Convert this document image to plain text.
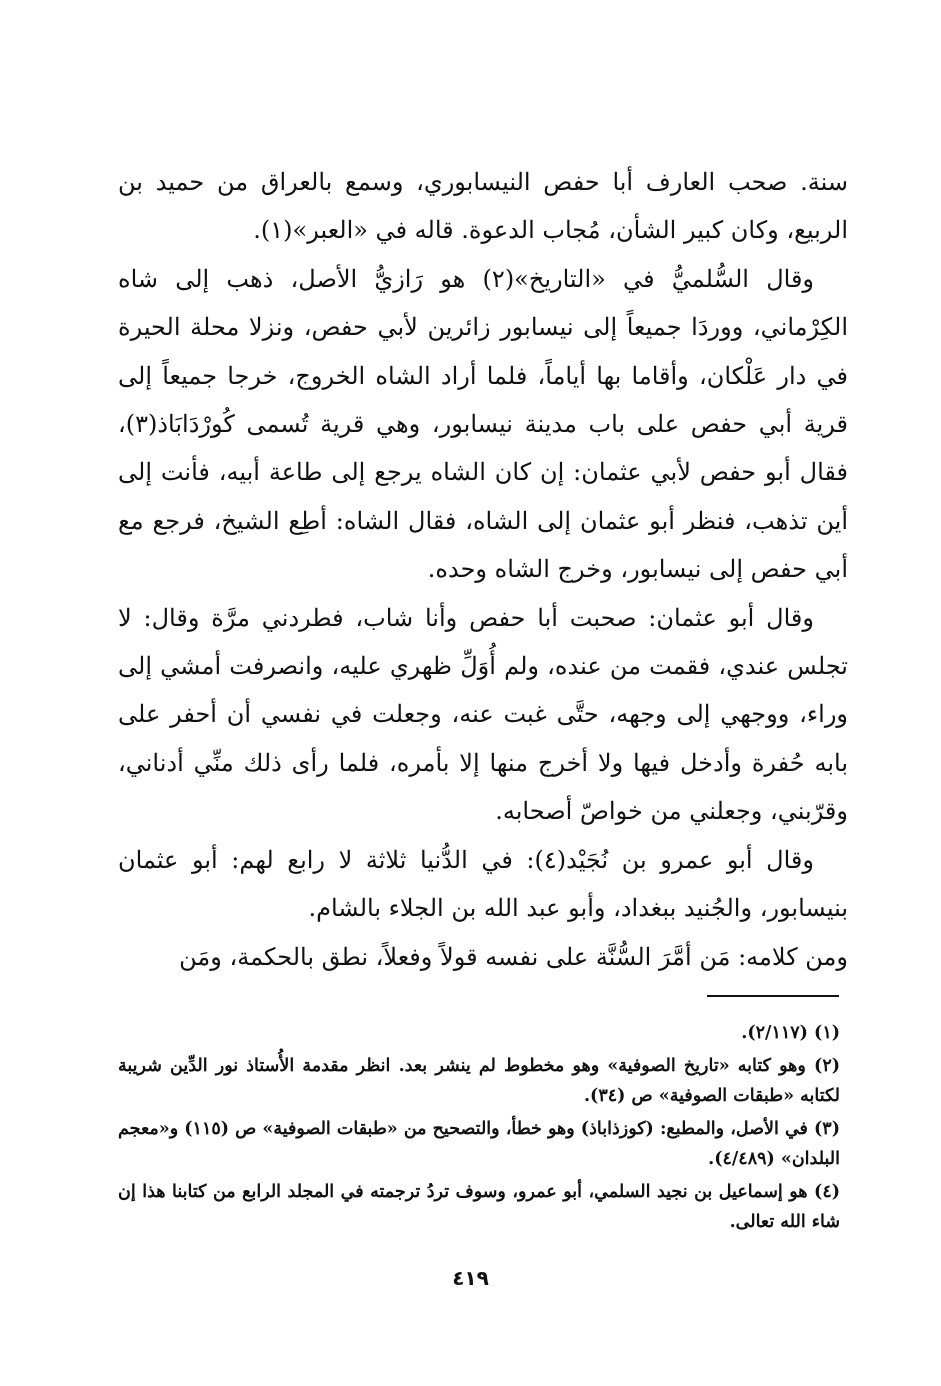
سنة. صحب العارف أبا حفص النيسابوري، وسمع بالعراق من حميد بن الربيع، وكان كبير الشأن، مُجاب الدعوة. قاله في «العبر»(١).

وقال السُّلميُّ في «التاريخ»(٢) هو رَازيُّ الأصل، ذهب إلى شاه الكِرْماني، ووردَا جميعاً إلى نيسابور زائرين لأبي حفص، ونزلا محلة الحيرة في دار عَلْكان، وأقاما بها أياماً، فلما أراد الشاه الخروج، خرجا جميعاً إلى قرية أبي حفص على باب مدينة نيسابور، وهي قرية تُسمى كُورْدَابَاذ(٣)، فقال أبو حفص لأبي عثمان: إن كان الشاه يرجع إلى طاعة أبيه، فأنت إلى أين تذهب، فنظر أبو عثمان إلى الشاه، فقال الشاه: أطِع الشيخ، فرجع مع أبي حفص إلى نيسابور، وخرج الشاه وحده.

وقال أبو عثمان: صحبت أبا حفص وأنا شاب، فطردني مرَّة وقال: لا تجلس عندي، فقمت من عنده، ولم أُوَلِّ ظهري عليه، وانصرفت أمشي إلى وراء، ووجهي إلى وجهه، حتَّى غبت عنه، وجعلت في نفسي أن أحفر على بابه حُفرة وأدخل فيها ولا أخرج منها إلا بأمره، فلما رأى ذلك منِّي أدناني، وقرّبني، وجعلني من خواصّ أصحابه.

وقال أبو عمرو بن نُجَيْد(٤): في الدُّنيا ثلاثة لا رابع لهم: أبو عثمان بنيسابور، والجُنيد ببغداد، وأبو عبد الله بن الجلاء بالشام.

ومن كلامه: مَن أمَّرَ السُّنَّة على نفسه قولاً وفعلاً، نطق بالحكمة، ومَن

(١) (٢/١١٧).

(٢) وهو كتابه «تاريخ الصوفية» وهو مخطوط لم ينشر بعد. انظر مقدمة الأُستاذ نور الدِّين شريبة لكتابه «طبقات الصوفية» ص (٣٤).

(٣) في الأصل، والمطبع: (كوزذاباذ) وهو خطأ، والتصحيح من «طبقات الصوفية» ص (١١٥) و«معجم البلدان» (٤/٤٨٩).

(٤) هو إسماعيل بن نجيد السلمي، أبو عمرو، وسوف تردُ ترجمته في المجلد الرابع من كتابنا هذا إن شاء الله تعالى.

٤١٩
